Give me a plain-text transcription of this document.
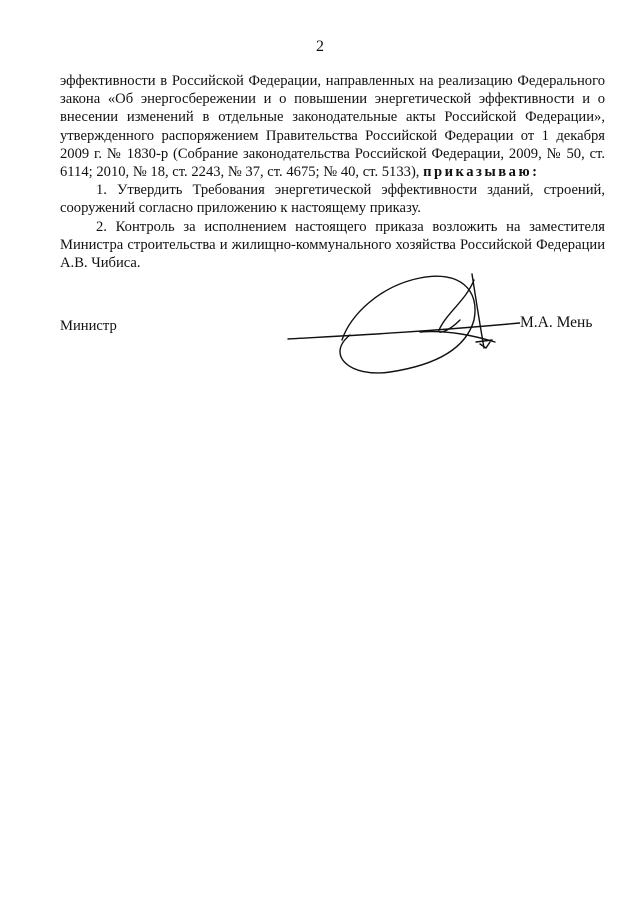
2

эффективности в Российской Федерации, направленных на реализацию Федерального закона «Об энергосбережении и о повышении энергетической эффективности и о внесении изменений в отдельные законодательные акты Российской Федерации», утвержденного распоряжением Правительства Российской Федерации от 1 декабря 2009 г. № 1830-р (Собрание законодательства Российской Федерации, 2009, № 50, ст. 6114; 2010, № 18, ст. 2243, № 37, ст. 4675; № 40, ст. 5133), приказываю:

1. Утвердить Требования энергетической эффективности зданий, строений, сооружений согласно приложению к настоящему приказу.

2. Контроль за исполнением настоящего приказа возложить на заместителя Министра строительства и жилищно-коммунального хозяйства Российской Федерации А.В. Чибиса.

Министр	М.А. Мень
